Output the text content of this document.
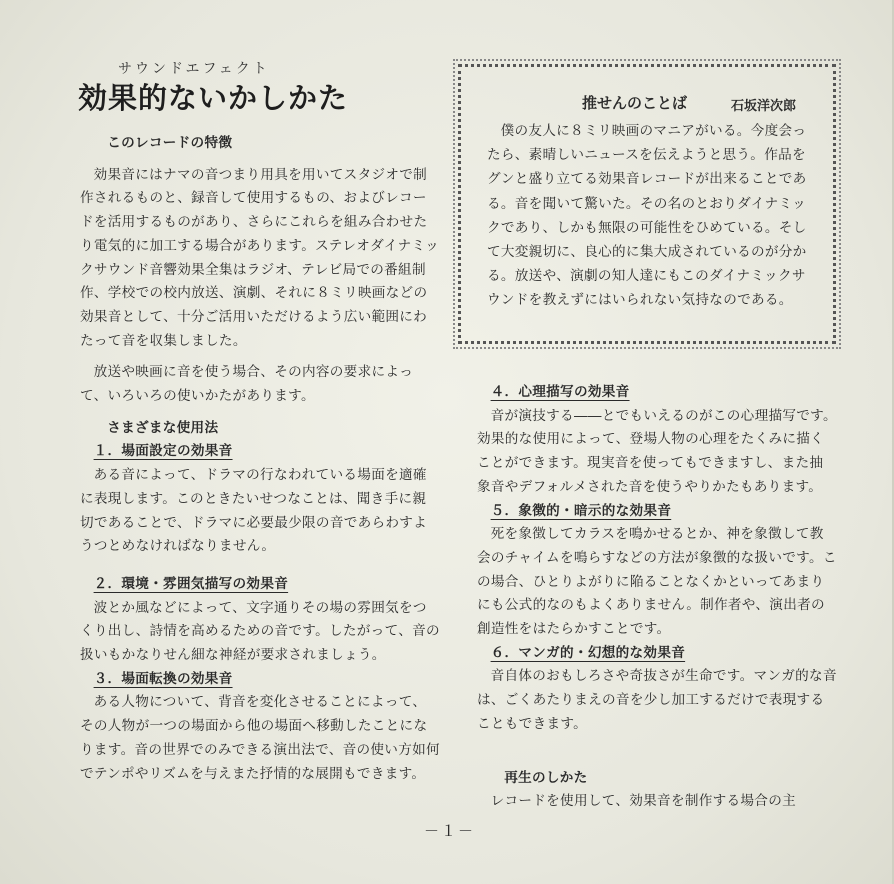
サウンドエフェクト
効果的ないかしかた

このレコードの特徴

効果音にはナマの音つまり用具を用いてスタジオで制作されるものと、録音して使用するもの、およびレコードを活用するものがあり、さらにこれらを組み合わせたり電気的に加工する場合があります。ステレオダイナミックサウンド音響効果全集はラジオ、テレビ局での番組制作、学校での校内放送、演劇、それに８ミリ映画などの効果音として、十分ご活用いただけるよう広い範囲にわたって音を収集しました。

放送や映画に音を使う場合、その内容の要求によって、いろいろの使いかたがあります。

さまざまな使用法

１．場面設定の効果音

ある音によって、ドラマの行なわれている場面を適確に表現します。このときたいせつなことは、聞き手に親切であることで、ドラマに必要最少限の音であらわすようつとめなければなりません。

２．環境・雰囲気描写の効果音

波とか風などによって、文字通りその場の雰囲気をつくり出し、詩情を高めるための音です。したがって、音の扱いもかなりせん細な神経が要求されましょう。

３．場面転換の効果音

ある人物について、背音を変化させることによって、その人物が一つの場面から他の場面へ移動したことになります。音の世界でのみできる演出法で、音の使い方如何でテンポやリズムを与えまた抒情的な展開もできます。

推せんのことば	石坂洋次郎

僕の友人に８ミリ映画のマニアがいる。今度会ったら、素晴しいニュースを伝えようと思う。作品をグンと盛り立てる効果音レコードが出来ることである。音を聞いて驚いた。その名のとおりダイナミックであり、しかも無限の可能性をひめている。そして大変親切に、良心的に集大成されているのが分かる。放送や、演劇の知人達にもこのダイナミックサウンドを教えずにはいられない気持なのである。

４．心理描写の効果音

音が演技する――とでもいえるのがこの心理描写です。効果的な使用によって、登場人物の心理をたくみに描くことができます。現実音を使ってもできますし、また抽象音やデフォルメされた音を使うやりかたもあります。

５．象徴的・暗示的な効果音

死を象徴してカラスを鳴かせるとか、神を象徴して教会のチャイムを鳴らすなどの方法が象徴的な扱いです。この場合、ひとりよがりに陥ることなくかといってあまりにも公式的なのもよくありません。制作者や、演出者の創造性をはたらかすことです。

６．マンガ的・幻想的な効果音

音自体のおもしろさや奇抜さが生命です。マンガ的な音は、ごくあたりまえの音を少し加工するだけで表現することもできます。

再生のしかた

レコードを使用して、効果音を制作する場合の主

－１－
